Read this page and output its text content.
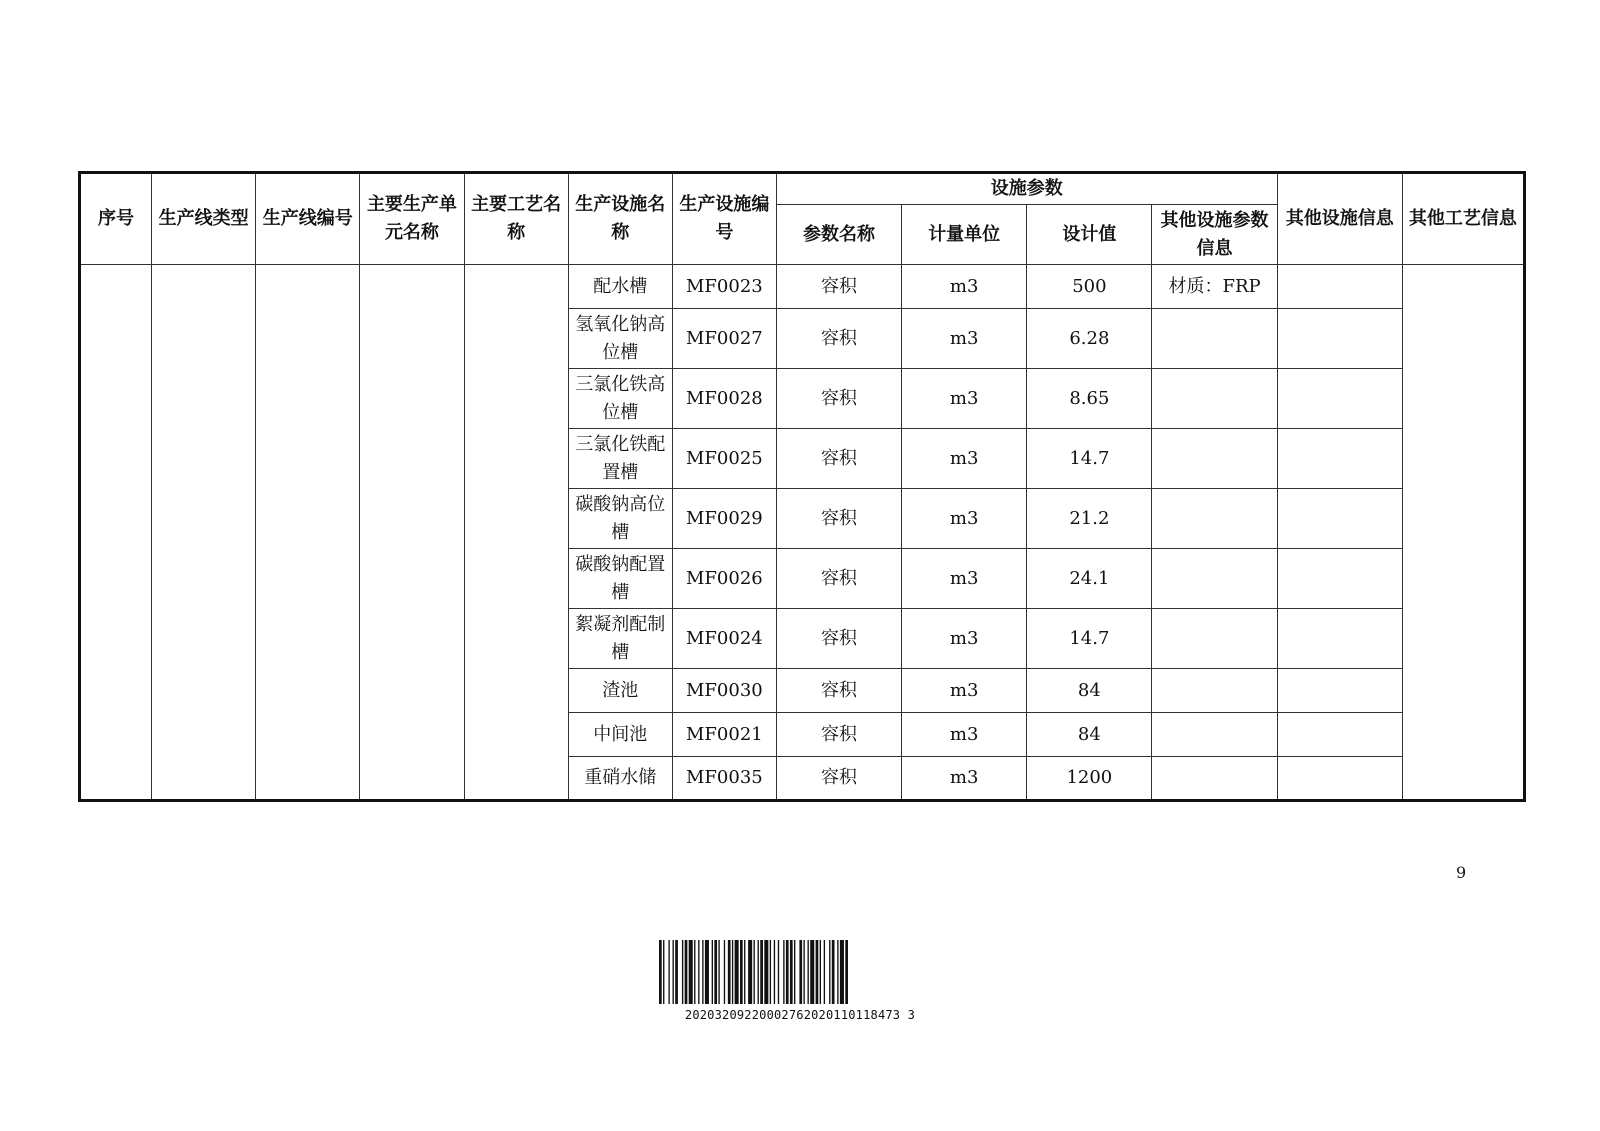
序号	生产线类型	生产线编号	主要生产单元名称	主要工艺名称	生产设施名称	生产设施编号	设施参数				其他设施信息	其他工艺信息
							参数名称	计量单位	设计值	其他设施参数信息		
					配水槽	MF0023	容积	m3	500	材质：FRP		
					氢氧化钠高位槽	MF0027	容积	m3	6.28			
					三氯化铁高位槽	MF0028	容积	m3	8.65			
					三氯化铁配置槽	MF0025	容积	m3	14.7			
					碳酸钠高位槽	MF0029	容积	m3	21.2			
					碳酸钠配置槽	MF0026	容积	m3	24.1			
					絮凝剂配制槽	MF0024	容积	m3	14.7			
					渣池	MF0030	容积	m3	84			
					中间池	MF0021	容积	m3	84			
					重硝水储	MF0035	容积	m3	1200			
9
20203209220002762020110118473 3
